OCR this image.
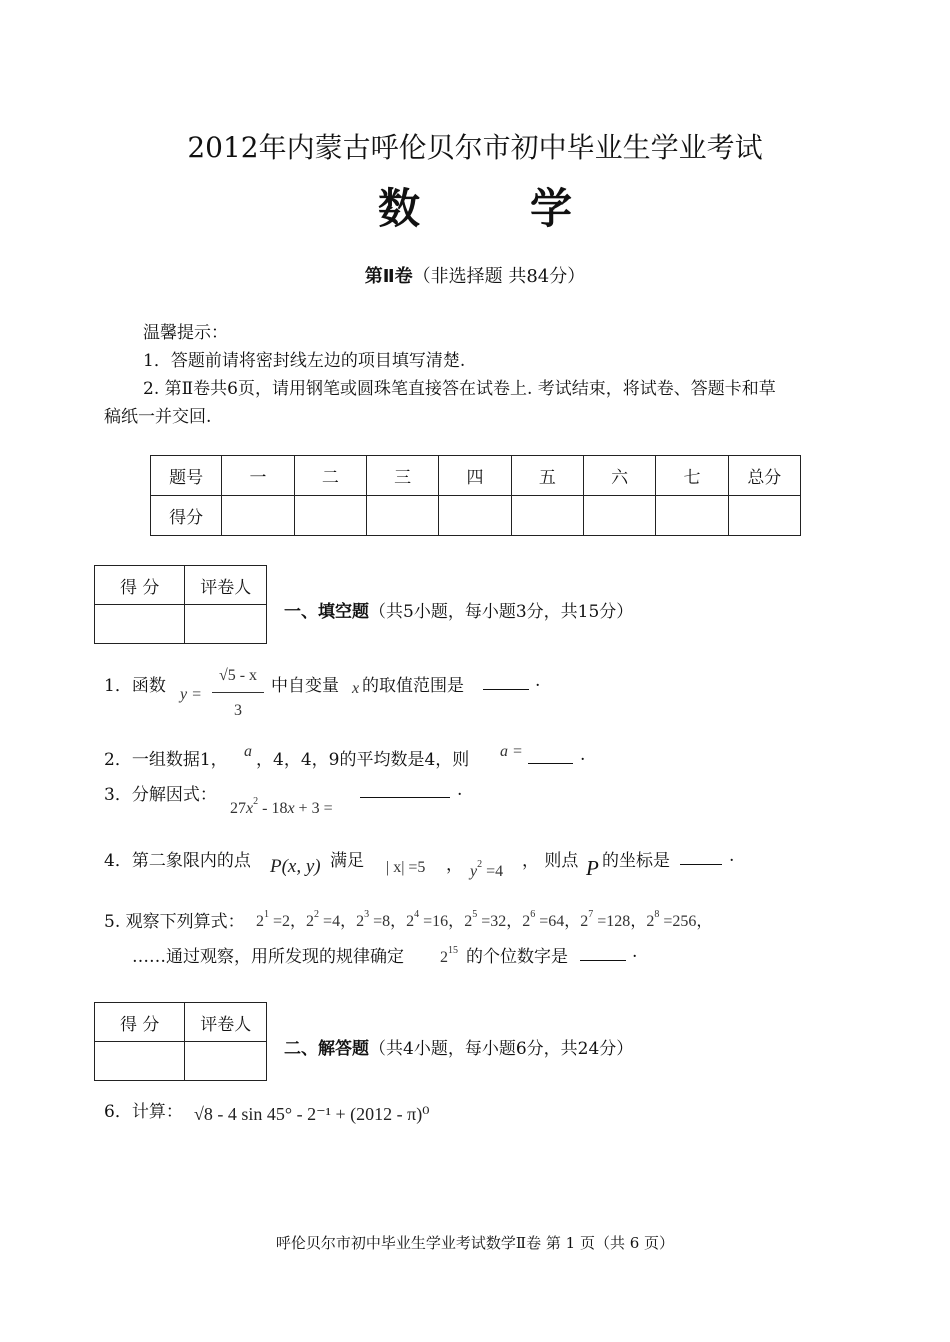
2012年内蒙古呼伦贝尔市初中毕业生学业考试
数	学
第Ⅱ卷（非选择题 共84分）
温馨提示：
1．答题前请将密封线左边的项目填写清楚.
2. 第Ⅱ卷共6页，请用钢笔或圆珠笔直接答在试卷上. 考试结束，将试卷、答题卡和草
稿纸一并交回.
题号	一	二	三	四	五	六	七	总分
得分								
得 分	评卷人

一、填空题（共5小题，每小题3分，共15分）
1．函数 y =
√5 - x
3
中自变量 x 的取值范围是	.
2．一组数据1， a ，4，4，9的平均数是4，则 a =	.
3．分解因式：
$27x^2 - 18x + 3$ =
.
4．第二象限内的点 P(x, y) 满足 | x| =5 ， $y^2 =4$
， 则点 P 的坐标是	.
5. 观察下列算式： $2^1 =2$，$2^2 =4$，$2^3 =8$，$2^4 =16$，$2^5 =32$，$2^6 =64$，$2^7 =128$，$2^8 =256$，
……通过观察，用所发现的规律确定 $2^{15}$ 的个位数字是	.
得 分	评卷人

二、解答题（共4小题，每小题6分，共24分）
6．计算： √8 - 4 sin 45° - 2⁻¹ + (2012 - π)⁰
呼伦贝尔市初中毕业生学业考试数学Ⅱ卷 第 1 页（共 6 页）
